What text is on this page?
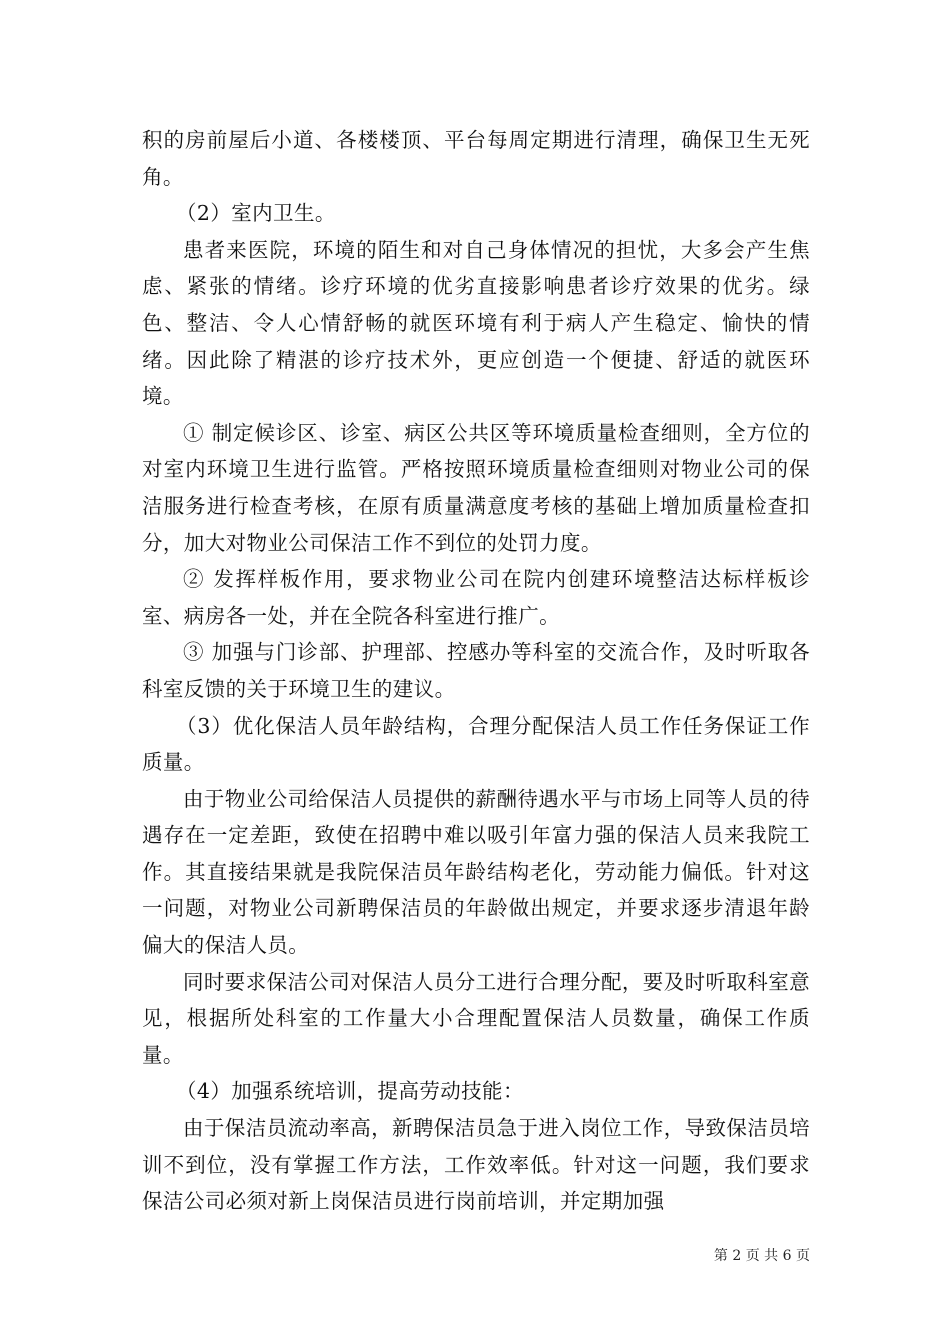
积的房前屋后小道、各楼楼顶、平台每周定期进行清理，确保卫生无死角。

（2）室内卫生。

患者来医院，环境的陌生和对自己身体情况的担忧，大多会产生焦虑、紧张的情绪。诊疗环境的优劣直接影响患者诊疗效果的优劣。绿色、整洁、令人心情舒畅的就医环境有利于病人产生稳定、愉快的情绪。因此除了精湛的诊疗技术外，更应创造一个便捷、舒适的就医环境。

① 制定候诊区、诊室、病区公共区等环境质量检查细则，全方位的对室内环境卫生进行监管。严格按照环境质量检查细则对物业公司的保洁服务进行检查考核，在原有质量满意度考核的基础上增加质量检查扣分，加大对物业公司保洁工作不到位的处罚力度。

② 发挥样板作用，要求物业公司在院内创建环境整洁达标样板诊室、病房各一处，并在全院各科室进行推广。

③ 加强与门诊部、护理部、控感办等科室的交流合作，及时听取各科室反馈的关于环境卫生的建议。

（3）优化保洁人员年龄结构，合理分配保洁人员工作任务保证工作质量。

由于物业公司给保洁人员提供的薪酬待遇水平与市场上同等人员的待遇存在一定差距，致使在招聘中难以吸引年富力强的保洁人员来我院工作。其直接结果就是我院保洁员年龄结构老化，劳动能力偏低。针对这一问题，对物业公司新聘保洁员的年龄做出规定，并要求逐步清退年龄偏大的保洁人员。

同时要求保洁公司对保洁人员分工进行合理分配，要及时听取科室意见，根据所处科室的工作量大小合理配置保洁人员数量，确保工作质量。

（4）加强系统培训，提高劳动技能：

由于保洁员流动率高，新聘保洁员急于进入岗位工作，导致保洁员培训不到位，没有掌握工作方法，工作效率低。针对这一问题，我们要求保洁公司必须对新上岗保洁员进行岗前培训，并定期加强

第 2 页 共 6 页
